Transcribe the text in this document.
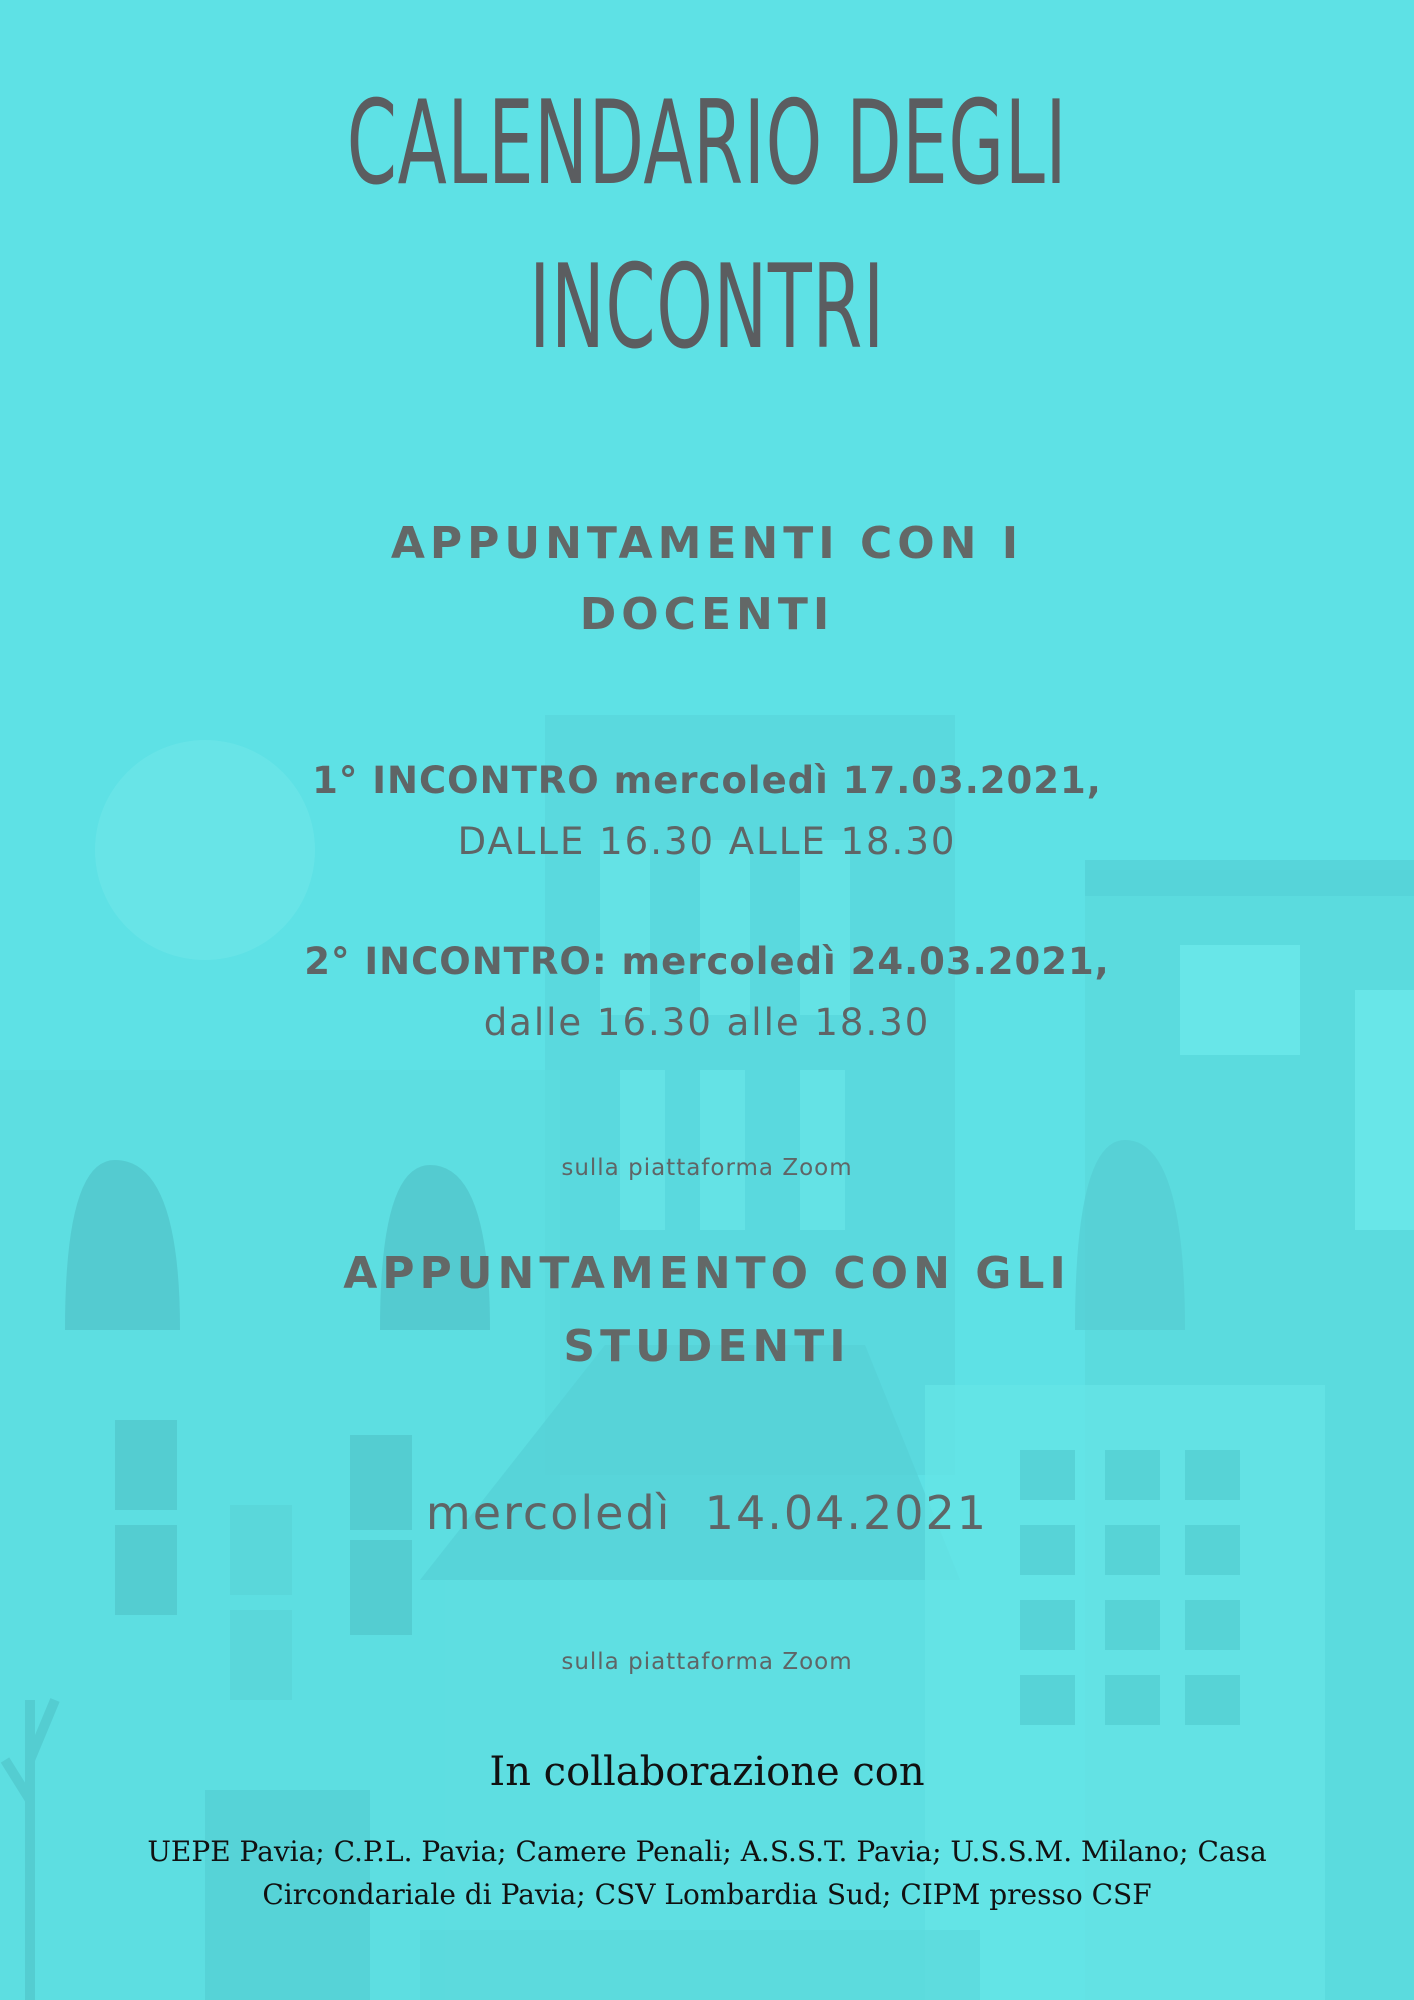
CALENDARIO DEGLI
INCONTRI
APPUNTAMENTI CON I
DOCENTI
1° INCONTRO mercoledì 17.03.2021,
DALLE 16.30 ALLE 18.30
2° INCONTRO: mercoledì 24.03.2021,
dalle 16.30 alle 18.30
sulla piattaforma Zoom
APPUNTAMENTO CON GLI
STUDENTI
mercoledì  14.04.2021
sulla piattaforma Zoom
In collaborazione con
UEPE Pavia; C.P.L. Pavia; Camere Penali; A.S.S.T. Pavia; U.S.S.M. Milano; Casa Circondariale di Pavia; CSV Lombardia Sud; CIPM presso CSF
